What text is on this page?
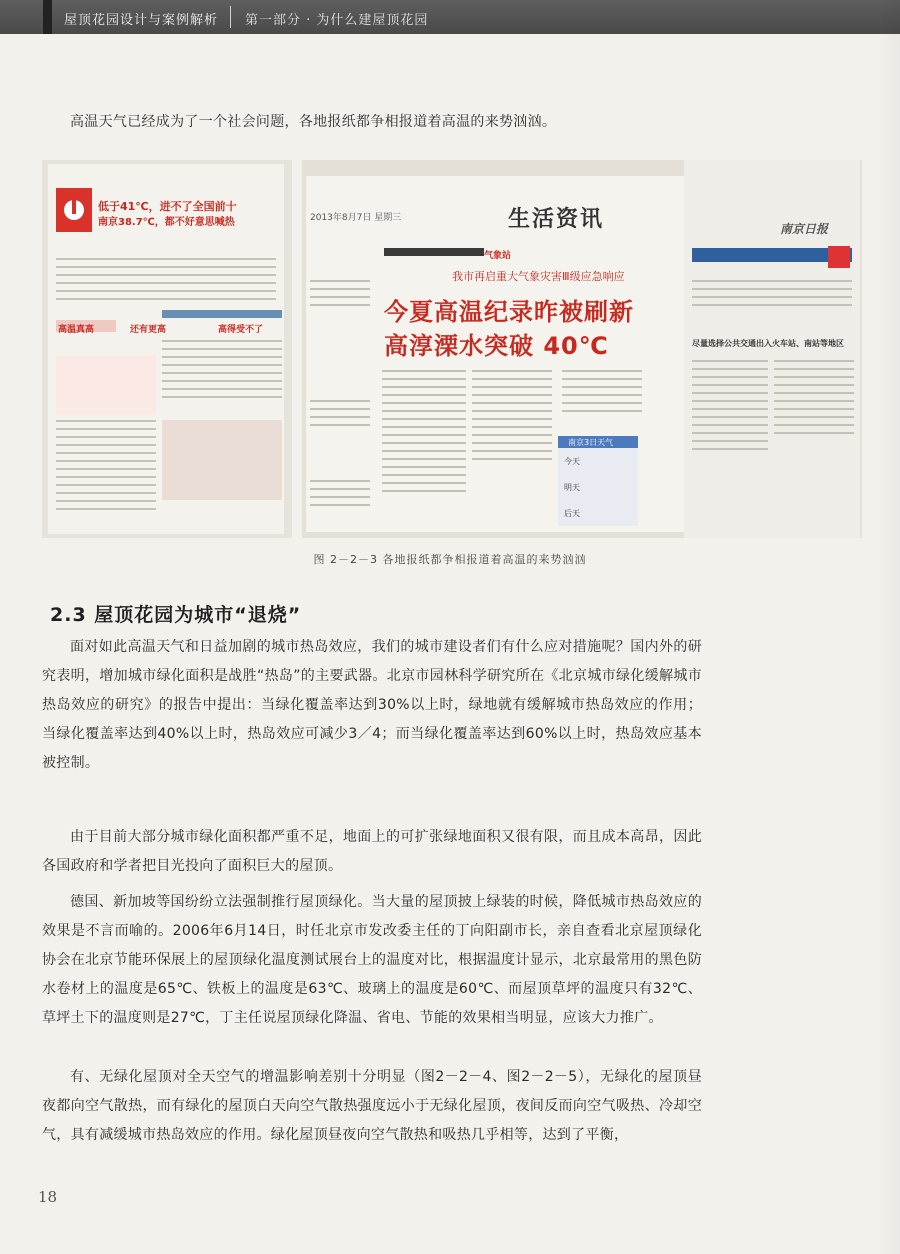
屋顶花园设计与案例解析 第一部分 · 为什么建屋顶花园

高温天气已经成为了一个社会问题，各地报纸都争相报道着高温的来势汹汹。

低于41℃，进不了全国前十
南京38.7℃，都不好意思喊热
高温真高	还有更高	高得受不了
2013年8月7日 星期三	生活资讯
气象站
我市再启重大气象灾害Ⅲ级应急响应
今夏高温纪录昨被刷新
高淳溧水突破 40℃
南京日报
尽量选择公共交通出入火车站、南站等地区
南京3日天气
今天
明天
后天
图 2－2－3 各地报纸都争相报道着高温的来势汹汹
2.3 屋顶花园为城市“退烧”

面对如此高温天气和日益加剧的城市热岛效应，我们的城市建设者们有什么应对措施呢？国内外的研究表明，增加城市绿化面积是战胜“热岛”的主要武器。北京市园林科学研究所在《北京城市绿化缓解城市热岛效应的研究》的报告中提出：当绿化覆盖率达到30%以上时，绿地就有缓解城市热岛效应的作用；当绿化覆盖率达到40%以上时，热岛效应可减少3／4；而当绿化覆盖率达到60%以上时，热岛效应基本被控制。

由于目前大部分城市绿化面积都严重不足，地面上的可扩张绿地面积又很有限，而且成本高昂，因此各国政府和学者把目光投向了面积巨大的屋顶。

德国、新加坡等国纷纷立法强制推行屋顶绿化。当大量的屋顶披上绿装的时候，降低城市热岛效应的效果是不言而喻的。2006年6月14日，时任北京市发改委主任的丁向阳副市长，亲自查看北京屋顶绿化协会在北京节能环保展上的屋顶绿化温度测试展台上的温度对比，根据温度计显示，北京最常用的黑色防水卷材上的温度是65℃、铁板上的温度是63℃、玻璃上的温度是60℃、而屋顶草坪的温度只有32℃、草坪土下的温度则是27℃，丁主任说屋顶绿化降温、省电、节能的效果相当明显，应该大力推广。

有、无绿化屋顶对全天空气的增温影响差别十分明显（图2－2－4、图2－2－5），无绿化的屋顶昼夜都向空气散热，而有绿化的屋顶白天向空气散热强度远小于无绿化屋顶，夜间反而向空气吸热、冷却空气，具有减缓城市热岛效应的作用。绿化屋顶昼夜向空气散热和吸热几乎相等，达到了平衡，

18
